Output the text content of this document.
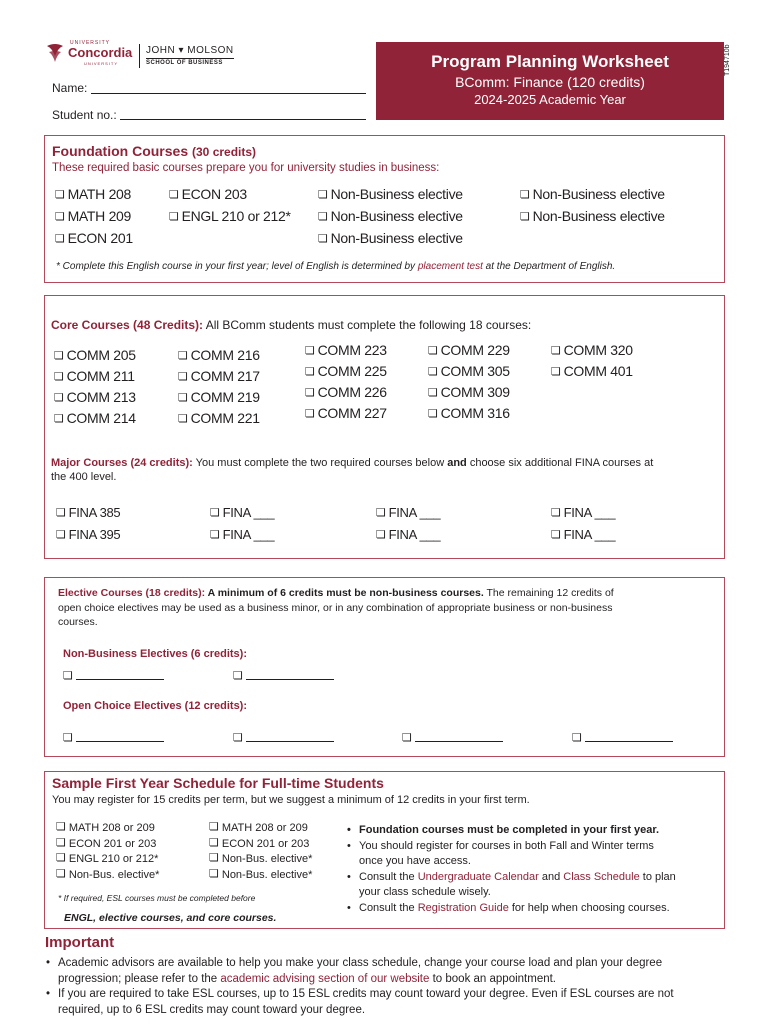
UNIVERSITY
Concordia
UNIVERSITY
JOHN ▾ MOLSON
SCHOOL OF BUSINESS
Name:
Student no.:
Program Planning Worksheet
BComm: Finance (120 credits)
2024-2025 Academic Year
T194710b
Foundation Courses (30 credits)
These required basic courses prepare you for university studies in business:
❏ MATH 208
❏ MATH 209
❏ ECON 201
❏ ECON 203
❏ ENGL 210 or 212*
❏ Non-Business elective
❏ Non-Business elective
❏ Non-Business elective
❏ Non-Business elective
❏ Non-Business elective
* Complete this English course in your first year; level of English is determined by placement test at the Department of English.
Core Courses (48 Credits): All BComm students must complete the following 18 courses:
❏ COMM 205
❏ COMM 211
❏ COMM 213
❏ COMM 214
❏ COMM 216
❏ COMM 217
❏ COMM 219
❏ COMM 221
❏ COMM 223
❏ COMM 225
❏ COMM 226
❏ COMM 227
❏ COMM 229
❏ COMM 305
❏ COMM 309
❏ COMM 316
❏ COMM 320
❏ COMM 401
Major Courses (24 credits): You must complete the two required courses below and choose six additional FINA courses at
the 400 level.
❏ FINA 385
❏ FINA 395
❏ FINA ___
❏ FINA ___
❏ FINA ___
❏ FINA ___
❏ FINA ___
❏ FINA ___
Elective Courses (18 credits): A minimum of 6 credits must be non-business courses. The remaining 12 credits of
open choice electives may be used as a business minor, or in any combination of appropriate business or non-business
courses.
Non-Business Electives (6 credits):
❏
❏
Open Choice Electives (12 credits):
❏
❏
❏
❏
Sample First Year Schedule for Full-time Students
You may register for 15 credits per term, but we suggest a minimum of 12 credits in your first term.
❏ MATH 208 or 209
❏ ECON 201 or 203
❏ ENGL 210 or 212*
❏ Non-Bus. elective*
❏ MATH 208 or 209
❏ ECON 201 or 203
❏ Non-Bus. elective*
❏ Non-Bus. elective*
* If required, ESL courses must be completed before
ENGL, elective courses, and core courses.
• Foundation courses must be completed in your first year.
• You should register for courses in both Fall and Winter terms
once you have access.
• Consult the Undergraduate Calendar and Class Schedule to plan
your class schedule wisely.
• Consult the Registration Guide for help when choosing courses.
Important
• Academic advisors are available to help you make your class schedule, change your course load and plan your degree
progression; please refer to the academic advising section of our website to book an appointment.
• If you are required to take ESL courses, up to 15 ESL credits may count toward your degree. Even if ESL courses are not
required, up to 6 ESL credits may count toward your degree.
